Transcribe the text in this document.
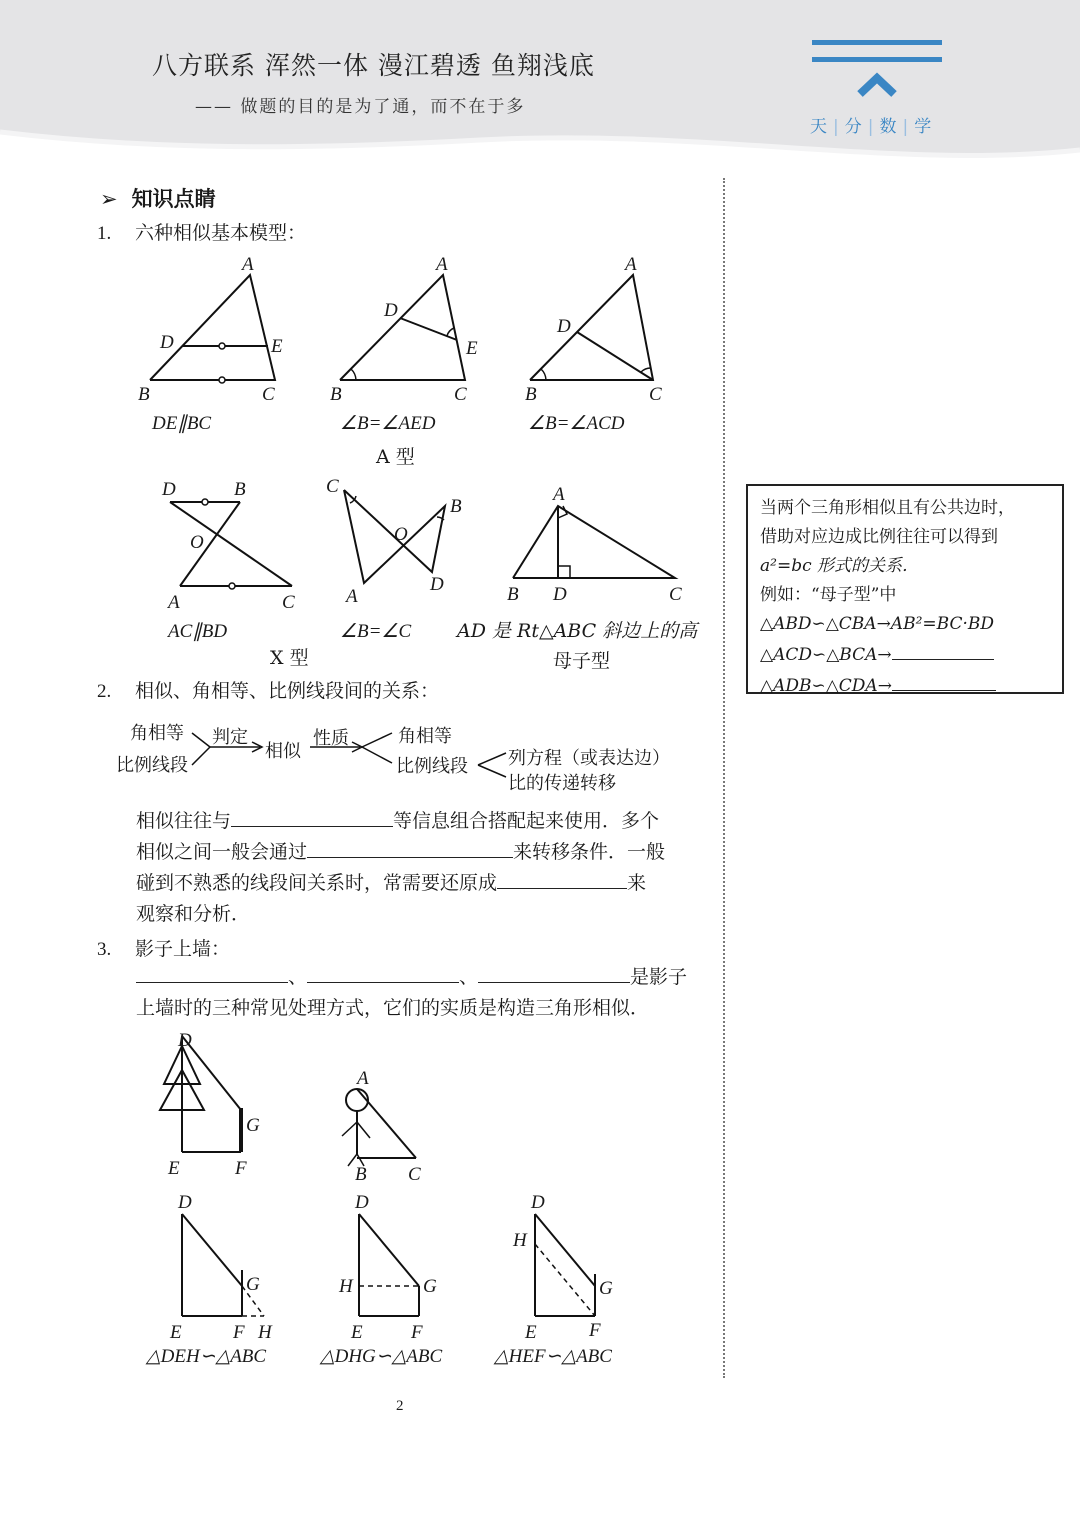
八方联系 浑然一体 漫江碧透 鱼翔浅底
—— 做题的目的是为了通，而不在于多
天 | 分 | 数 | 学
➢ 知识点睛
1. 六种相似基本模型：
A
D	E
B	C
A
D
E
B	C
A
D
B	C
DE∥BC	∠B=∠AED	∠B=∠ACD
A 型
D	B
O
A	C
C
B
O
A
D
A
B D	C
AC∥BD	∠B=∠C AD 是 Rt△ABC 斜边上的高
X 型	母子型
当两个三角形相似且有公共边时，
借助对应边成比例往往可以得到
a²=bc 形式的关系．
例如：“母子型”中
△ABD∽△CBA→AB²=BC·BD
△ACD∽△BCA→
△ADB∽△CDA→
2. 相似、角相等、比例线段间的关系：
角相等
比例线段
判定
相似
性质	角相等
比例线段 列方程（或表达边）
比的传递转移
相似往往与	等信息组合搭配起来使用．多个
相似之间一般会通过	来转移条件．一般
碰到不熟悉的线段间关系时，常需要还原成	来
观察和分析．
3. 影子上墙：
、	、	是影子
上墙时的三种常见处理方式，它们的实质是构造三角形相似．
D
G
E	F
A
B C
D
G
E	F H
D
H	G
E	F
D
H
G
E	F
△DEH∽△ABC	△DHG∽△ABC	△HEF∽△ABC
2
